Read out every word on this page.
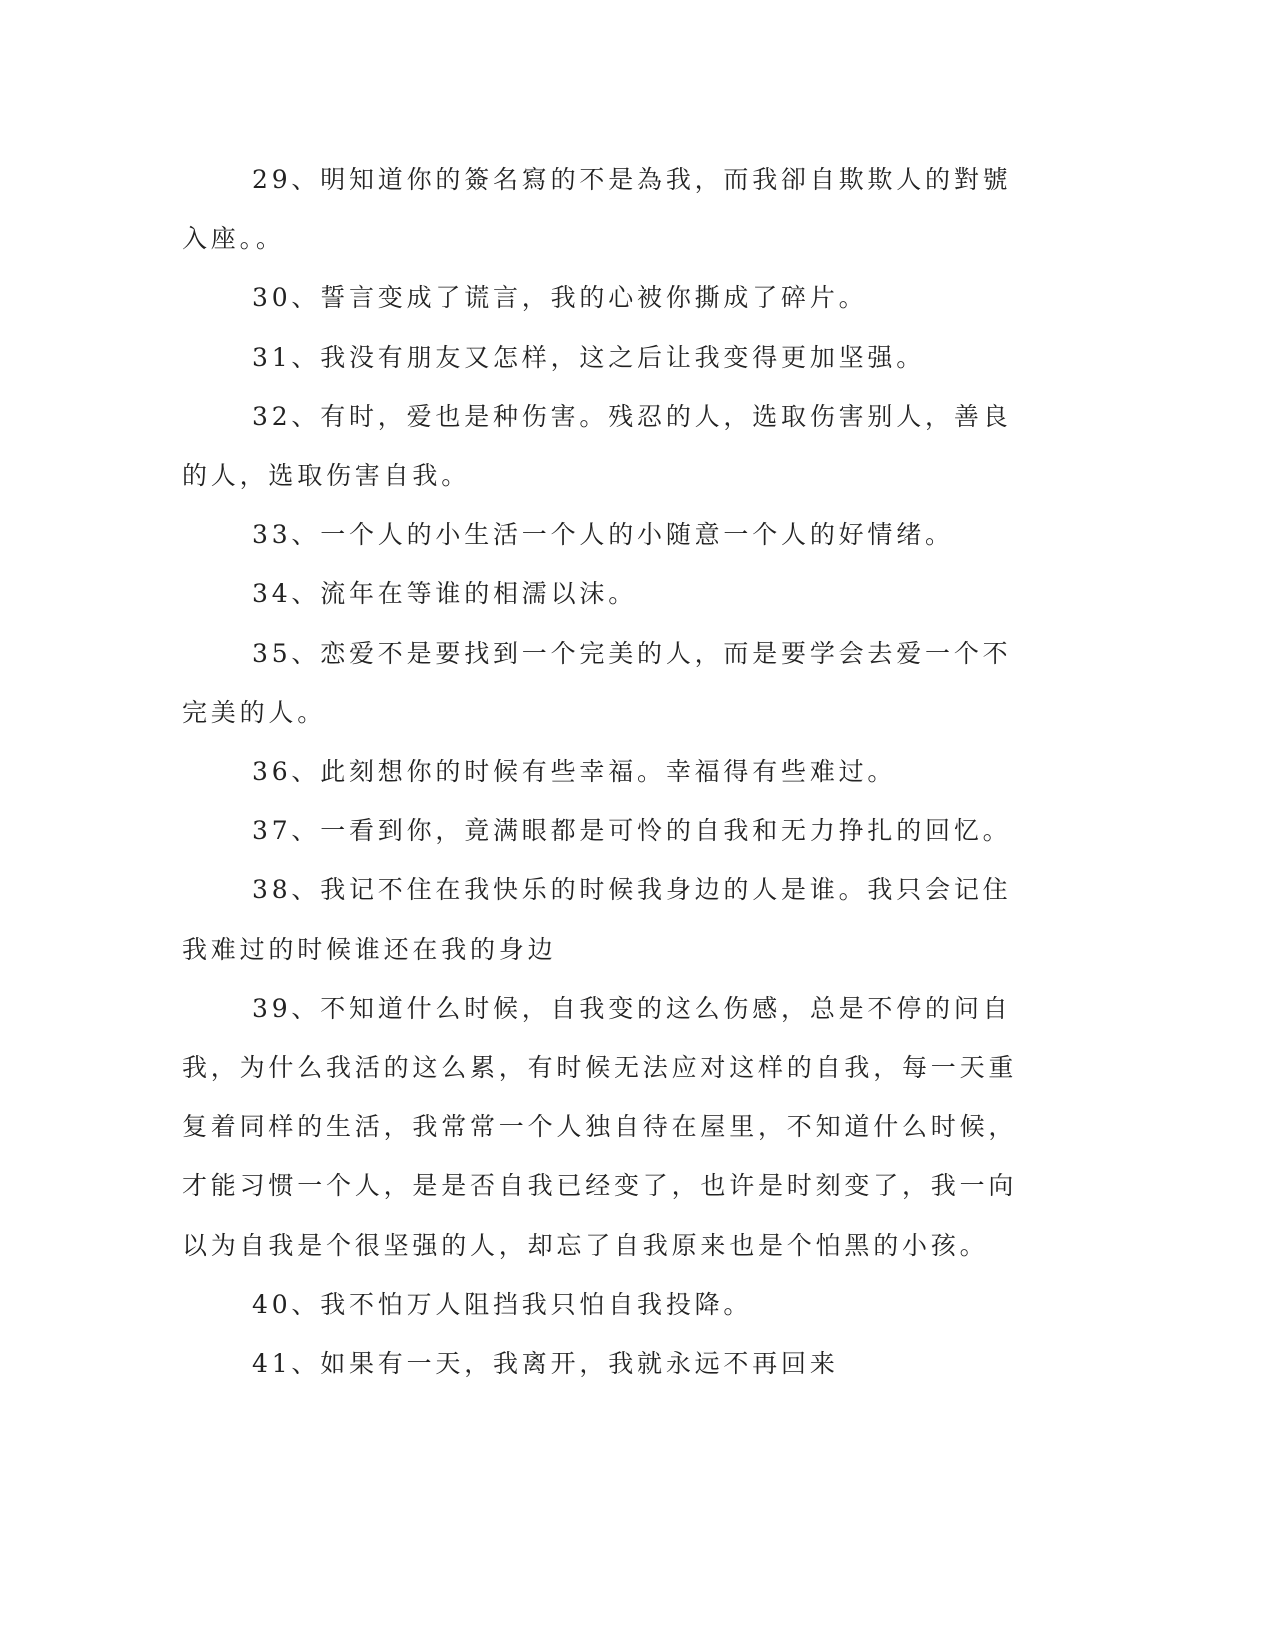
29、明知道你的簽名寫的不是為我，而我卻自欺欺人的對號入座。。

30、誓言变成了谎言，我的心被你撕成了碎片。

31、我没有朋友又怎样，这之后让我变得更加坚强。

32、有时，爱也是种伤害。残忍的人，选取伤害别人，善良的人，选取伤害自我。

33、一个人的小生活一个人的小随意一个人的好情绪。

34、流年在等谁的相濡以沫。

35、恋爱不是要找到一个完美的人，而是要学会去爱一个不完美的人。

36、此刻想你的时候有些幸福。幸福得有些难过。

37、一看到你，竟满眼都是可怜的自我和无力挣扎的回忆。

38、我记不住在我快乐的时候我身边的人是谁。我只会记住我难过的时候谁还在我的身边

39、不知道什么时候，自我变的这么伤感，总是不停的问自我，为什么我活的这么累，有时候无法应对这样的自我，每一天重复着同样的生活，我常常一个人独自待在屋里，不知道什么时候，才能习惯一个人，是是否自我已经变了，也许是时刻变了，我一向以为自我是个很坚强的人，却忘了自我原来也是个怕黑的小孩。

40、我不怕万人阻挡我只怕自我投降。

41、如果有一天，我离开，我就永远不再回来
